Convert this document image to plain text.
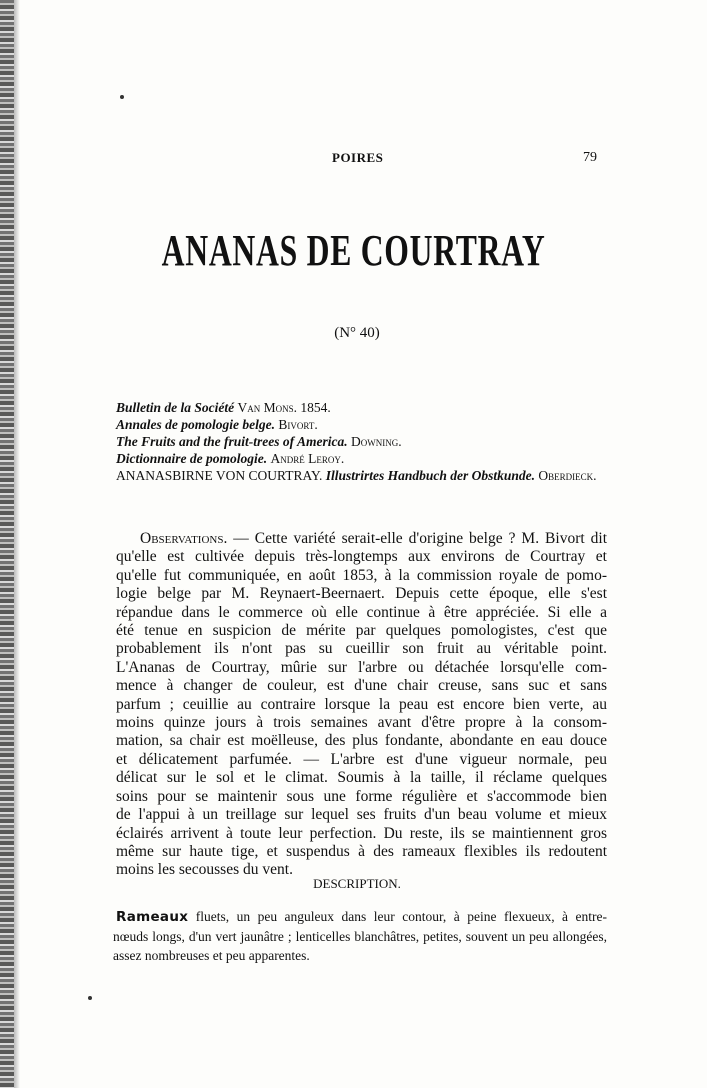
POIRES	79
ANANAS DE COURTRAY
(N° 40)
Bulletin de la Société Van Mons. 1854.
Annales de pomologie belge. Bivort.
The Fruits and the fruit-trees of America. Downing.
Dictionnaire de pomologie. André Leroy.
ANANASBIRNE VON COURTRAY. Illustrirtes Handbuch der Obstkunde. Oberdieck.
Observations. — Cette variété serait-elle d'origine belge ? M. Bivort dit
qu'elle est cultivée depuis très-longtemps aux environs de Courtray et
qu'elle fut communiquée, en août 1853, à la commission royale de pomo-
logie belge par M. Reynaert-Beernaert. Depuis cette époque, elle s'est
répandue dans le commerce où elle continue à être appréciée. Si elle a
été tenue en suspicion de mérite par quelques pomologistes, c'est que
probablement ils n'ont pas su cueillir son fruit au véritable point.
L'Ananas de Courtray, mûrie sur l'arbre ou détachée lorsqu'elle com-
mence à changer de couleur, est d'une chair creuse, sans suc et sans
parfum ; ceuillie au contraire lorsque la peau est encore bien verte, au
moins quinze jours à trois semaines avant d'être propre à la consom-
mation, sa chair est moëlleuse, des plus fondante, abondante en eau douce
et délicatement parfumée. — L'arbre est d'une vigueur normale, peu
délicat sur le sol et le climat. Soumis à la taille, il réclame quelques
soins pour se maintenir sous une forme régulière et s'accommode bien
de l'appui à un treillage sur lequel ses fruits d'un beau volume et mieux
éclairés arrivent à toute leur perfection. Du reste, ils se maintiennent gros
même sur haute tige, et suspendus à des rameaux flexibles ils redoutent
moins les secousses du vent.
DESCRIPTION.
Rameaux fluets, un peu anguleux dans leur contour, à peine flexueux, à entre-
nœuds longs, d'un vert jaunâtre ; lenticelles blanchâtres, petites, souvent un peu allongées,
assez nombreuses et peu apparentes.
